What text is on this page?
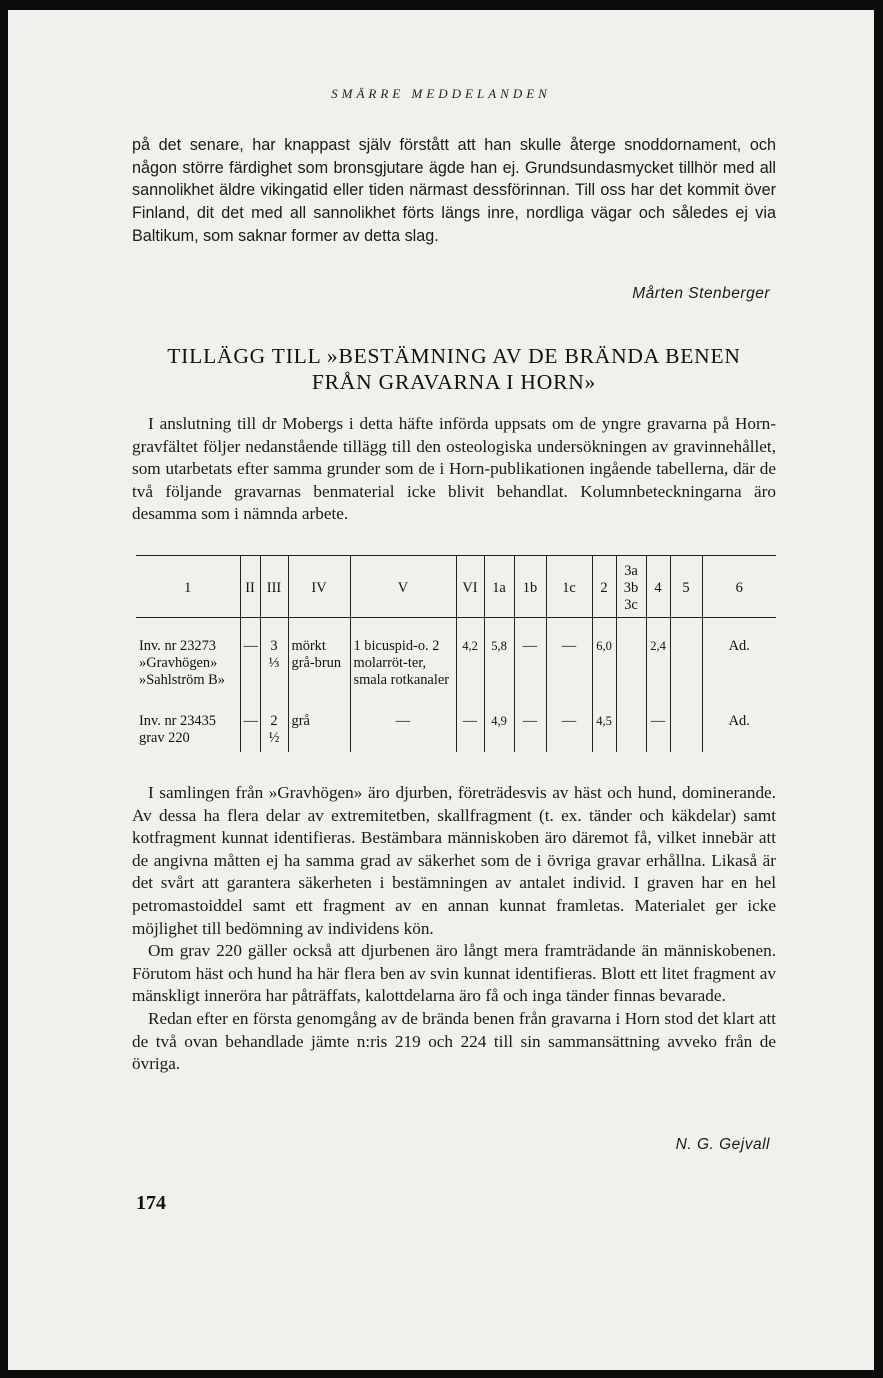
SMÄRRE MEDDELANDEN

på det senare, har knappast själv förstått att han skulle återge snoddornament, och någon större färdighet som bronsgjutare ägde han ej. Grundsundasmycket tillhör med all sannolikhet äldre vikingatid eller tiden närmast dessförinnan. Till oss har det kommit över Finland, dit det med all sannolikhet förts längs inre, nordliga vägar och således ej via Baltikum, som saknar former av detta slag.

Mårten Stenberger
TILLÄGG TILL »BESTÄMNING AV DE BRÄNDA BENEN
FRÅN GRAVARNA I HORN»

I anslutning till dr Mobergs i detta häfte införda uppsats om de yngre gravarna på Horn-gravfältet följer nedanstående tillägg till den osteologiska undersökningen av gravinnehållet, som utarbetats efter samma grunder som de i Horn-publikationen ingående tabellerna, där de två följande gravarnas benmaterial icke blivit behandlat. Kolumnbeteckningarna äro desamma som i nämnda arbete.

1	II	III	IV	V	VI	1a	1b	1c	2	3a 3b 3c	4	5	6
Inv. nr 23273 »Gravhögen» »Sahlström B»	—	3 ⅓	mörkt grå-brun	1 bicuspid-o. 2 molarröt-ter, smala rotkanaler	4,2	5,8	—	—	6,0		2,4		Ad.
Inv. nr 23435 grav 220	—	2 ½	grå	—	—	4,9	—	—	4,5		—		Ad.

I samlingen från »Gravhögen» äro djurben, företrädesvis av häst och hund, dominerande. Av dessa ha flera delar av extremitetben, skallfragment (t. ex. tänder och käkdelar) samt kotfragment kunnat identifieras. Bestämbara människoben äro däremot få, vilket innebär att de angivna måtten ej ha samma grad av säkerhet som de i övriga gravar erhållna. Likaså är det svårt att garantera säkerheten i bestämningen av antalet individ. I graven har en hel petromastoiddel samt ett fragment av en annan kunnat framletas. Materialet ger icke möjlighet till bedömning av individens kön.

Om grav 220 gäller också att djurbenen äro långt mera framträdande än människobenen. Förutom häst och hund ha här flera ben av svin kunnat identifieras. Blott ett litet fragment av mänskligt inneröra har påträffats, kalottdelarna äro få och inga tänder finnas bevarade.

Redan efter en första genomgång av de brända benen från gravarna i Horn stod det klart att de två ovan behandlade jämte n:ris 219 och 224 till sin sammansättning avveko från de övriga.

N. G. Gejvall
174
